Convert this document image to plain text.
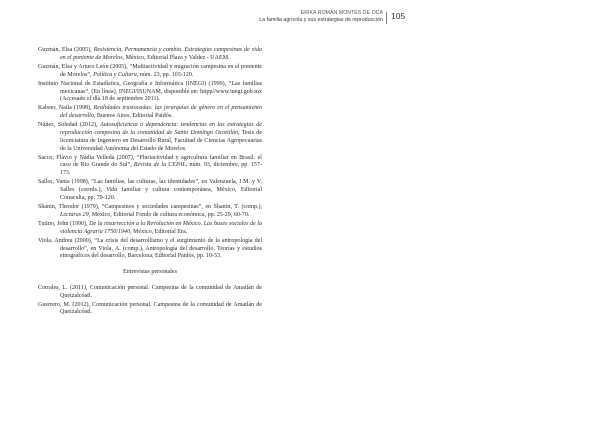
ERIKA ROMÁN MONTES DE OCA
La familia agrícola y sus estrategias de reproducción 105

Guzmán, Elsa (2005), Resistencia, Permanencia y cambio. Estrategias campesinas de vida en el poniente de Morelos, México, Editorial Plaza y Valdez - UAEM.

Guzmán, Elsa y Arturo León (2005), “Multiactividad y migración campesina en el poniente de Morelos”, Política y Cultura, núm. 23, pp. 103-120.

Instituto Nacional de Estadística, Geografía e Informática (INEGI) (1999), “Las familias mexicanas”, (En línea), INEGI/ISUNAM, disponible en: hitpp//www.inegi.gob.mx (Accesado el día 18 de septiembre 2011).

Kabeer, Naila (1998), Realidades trastocadas: las jerarquías de género en el pensamiento del desarrollo, Buenos Aires, Editorial Paidós.

Núñez, Soledad (2012), Autosuficiencia o dependencia: tendencias en las estrategias de reproducción campesina de la comunidad de Santo Domingo Ocotitlán, Tesis de licenciatura de Ingeniero en Desarrollo Rural, Facultad de Ciencias Agropecuarias de la Universidad Autónoma del Estado de Morelos.

Sacco, Flávio y Nádia Velleda (2007), “Pluriactividad y agricultura familiar en Brasil: el caso de Rio Grande do Sul”, Revista de la CEPAL, núm. 93, diciembre, pp. 157-173.

Salles, Vania (1998), “Las familias, las culturas, las identidades”, en Valenzuela, J.M. y V. Salles (coords.), Vida familiar y cultura contemporánea, México, Editorial Conaculta, pp. 79-120.

Shanin, Theodor (1979), “Campesinos y sociedades campesinas”, en Shanin, T. (comp.), Lecturas 29, México, Editorial Fondo de cultura económica, pp. 25-29, 60-70.

Tutino, John (1990), De la insurrección a la Revolución en México. Las bases sociales de la violencia Agraria 1750/1940, México, Editorial Era.

Viola, Andreu (2000), “La crisis del desarrollismo y el surgimiento de la antropología del desarrollo”, en Viola, A. (comp.), Antropología del desarrollo. Teorías y estudios etnográficos del desarrollo, Barcelona, Editorial Paidós, pp. 10-53.

Entrevistas personales

Corrales, L. (2011), Comunicación personal. Campesina de la comunidad de Amatlán de Quetzalcóatl.

Guerrero, M. (2012), Comunicación personal. Campesina de la comunidad de Amatlán de Quetzalcóatl.
